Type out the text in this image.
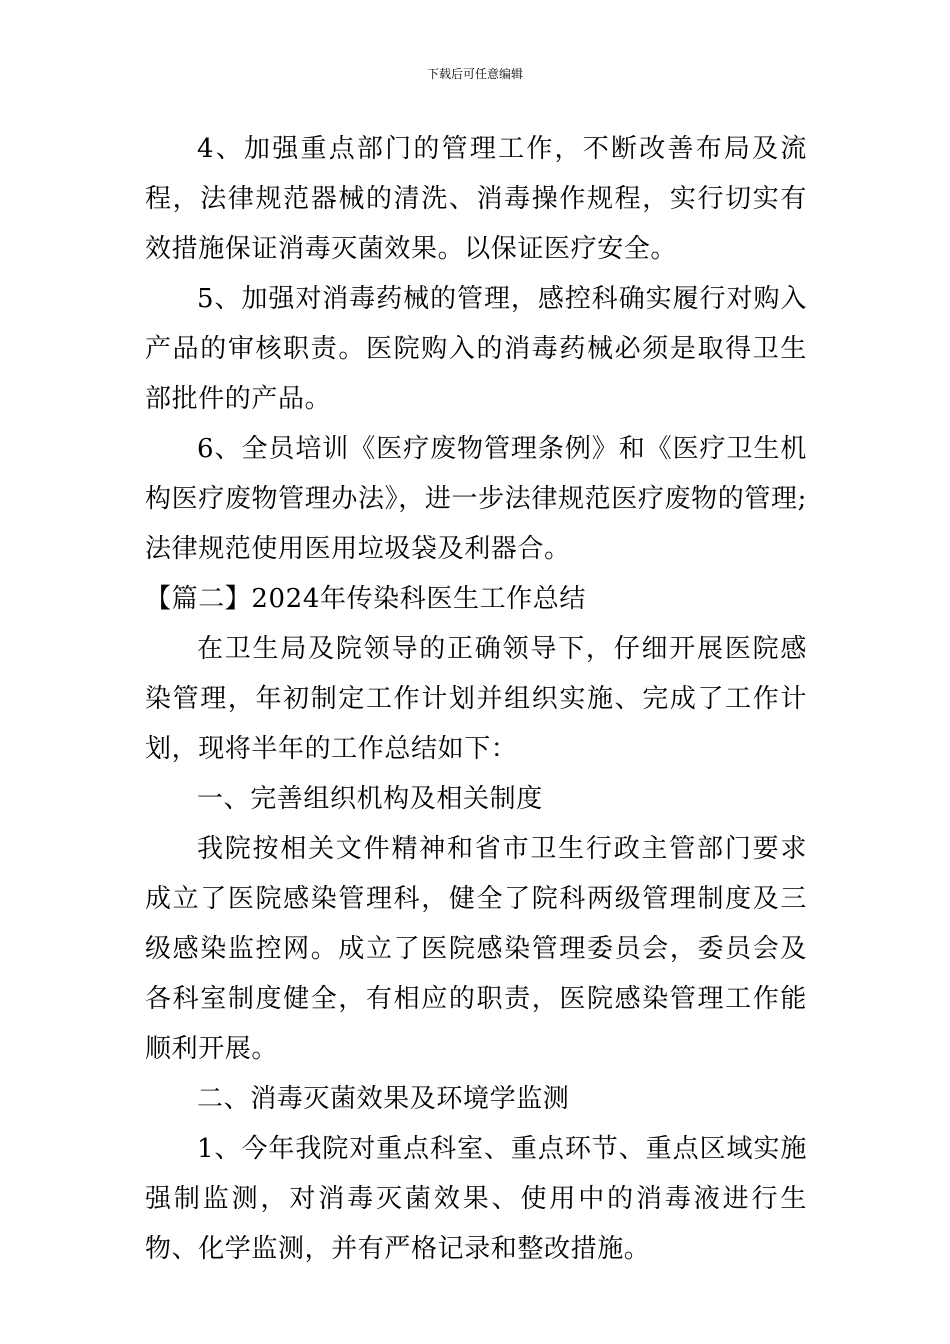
下载后可任意编辑

4、加强重点部门的管理工作，不断改善布局及流程，法律规范器械的清洗、消毒操作规程，实行切实有效措施保证消毒灭菌效果。以保证医疗安全。

5、加强对消毒药械的管理，感控科确实履行对购入产品的审核职责。医院购入的消毒药械必须是取得卫生部批件的产品。

6、全员培训《医疗废物管理条例》和《医疗卫生机构医疗废物管理办法》，进一步法律规范医疗废物的管理;法律规范使用医用垃圾袋及利器合。

【篇二】2024年传染科医生工作总结

在卫生局及院领导的正确领导下，仔细开展医院感染管理，年初制定工作计划并组织实施、完成了工作计划，现将半年的工作总结如下：

一、完善组织机构及相关制度

我院按相关文件精神和省市卫生行政主管部门要求成立了医院感染管理科，健全了院科两级管理制度及三级感染监控网。成立了医院感染管理委员会，委员会及各科室制度健全，有相应的职责，医院感染管理工作能顺利开展。

二、消毒灭菌效果及环境学监测

1、今年我院对重点科室、重点环节、重点区域实施强制监测，对消毒灭菌效果、使用中的消毒液进行生物、化学监测，并有严格记录和整改措施。
